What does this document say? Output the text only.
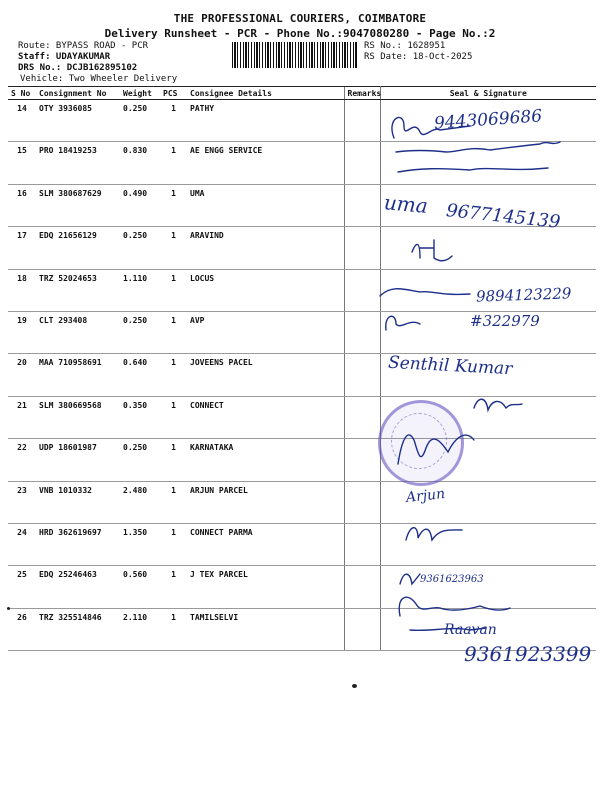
THE PROFESSIONAL COURIERS, COIMBATORE
Delivery Runsheet - PCR - Phone No.:9047080280 - Page No.:2
Route: BYPASS ROAD - PCR
Staff: UDAYAKUMAR
DRS No.: DCJB162895102
Vehicle: Two Wheeler Delivery
RS No.: 1628951
RS Date: 18-Oct-2025
S No	Consignment No	Weight	PCS	Consignee Details	Remarks	Seal & Signature
14	OTY 3936085	0.250	1	PATHY		
15	PRO 18419253	0.830	1	AE ENGG SERVICE		
16	SLM 380687629	0.490	1	UMA		
17	EDQ 21656129	0.250	1	ARAVIND		
18	TRZ 52024653	1.110	1	LOCUS		
19	CLT 293408	0.250	1	AVP		
20	MAA 710958691	0.640	1	JOVEENS PACEL		
21	SLM 380669568	0.350	1	CONNECT		
22	UDP 18601987	0.250	1	KARNATAKA		
23	VNB 1010332	2.480	1	ARJUN PARCEL		
24	HRD 362619697	1.350	1	CONNECT PARMA		
25	EDQ 25246463	0.560	1	J TEX PARCEL		
26	TRZ 325514846	2.110	1	TAMILSELVI		
9443069686
uma 9677145139
9894123229
#322979
Senthil Kumar
Arjun
9361623963
Raavan
9361923399
